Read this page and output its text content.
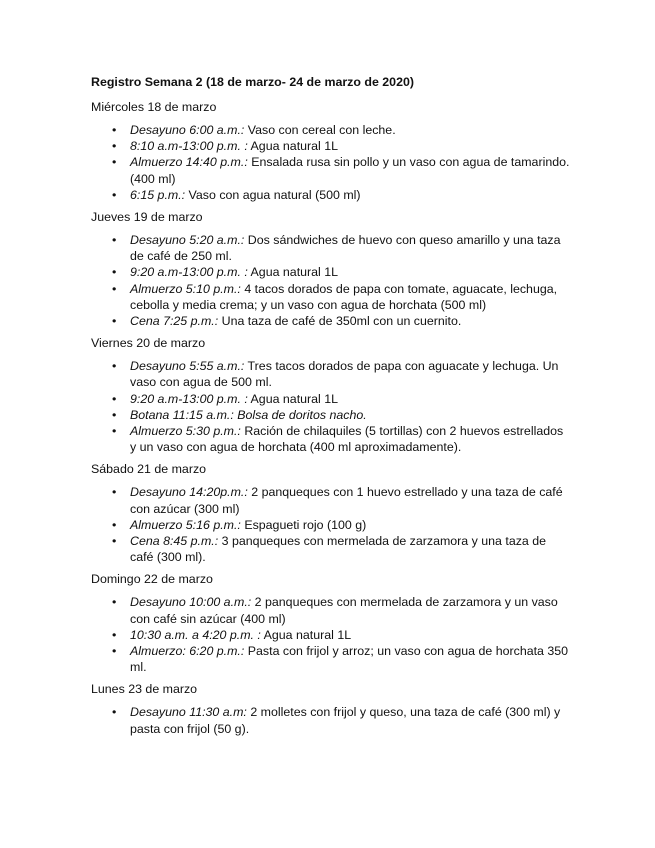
Registro Semana 2 (18 de marzo- 24 de marzo de 2020)
Miércoles 18 de marzo
• Desayuno 6:00 a.m.: Vaso con cereal con leche.
• 8:10 a.m-13:00 p.m. : Agua natural 1L
• Almuerzo 14:40 p.m.: Ensalada rusa sin pollo y un vaso con agua de tamarindo. (400 ml)
• 6:15 p.m.: Vaso con agua natural (500 ml)
Jueves 19 de marzo
• Desayuno 5:20 a.m.: Dos sándwiches de huevo con queso amarillo y una taza de café de 250 ml.
• 9:20 a.m-13:00 p.m. : Agua natural 1L
• Almuerzo 5:10 p.m.: 4 tacos dorados de papa con tomate, aguacate, lechuga, cebolla y media crema; y un vaso con agua de horchata (500 ml)
• Cena 7:25 p.m.: Una taza de café de 350ml con un cuernito.
Viernes 20 de marzo
• Desayuno 5:55 a.m.: Tres tacos dorados de papa con aguacate y lechuga. Un vaso con agua de 500 ml.
• 9:20 a.m-13:00 p.m. : Agua natural 1L
• Botana 11:15 a.m.: Bolsa de doritos nacho.
• Almuerzo 5:30 p.m.: Ración de chilaquiles (5 tortillas) con 2 huevos estrellados y un vaso con agua de horchata (400 ml aproximadamente).
Sábado 21 de marzo
• Desayuno 14:20p.m.: 2 panqueques con 1 huevo estrellado y una taza de café con azúcar (300 ml)
• Almuerzo 5:16 p.m.: Espagueti rojo (100 g)
• Cena 8:45 p.m.: 3 panqueques con mermelada de zarzamora y una taza de café (300 ml).
Domingo 22 de marzo
• Desayuno 10:00 a.m.: 2 panqueques con mermelada de zarzamora y un vaso con café sin azúcar (400 ml)
• 10:30 a.m. a 4:20 p.m. : Agua natural 1L
• Almuerzo: 6:20 p.m.: Pasta con frijol y arroz; un vaso con agua de horchata 350 ml.
Lunes 23 de marzo
• Desayuno 11:30 a.m: 2 molletes con frijol y queso, una taza de café (300 ml) y pasta con frijol (50 g).
